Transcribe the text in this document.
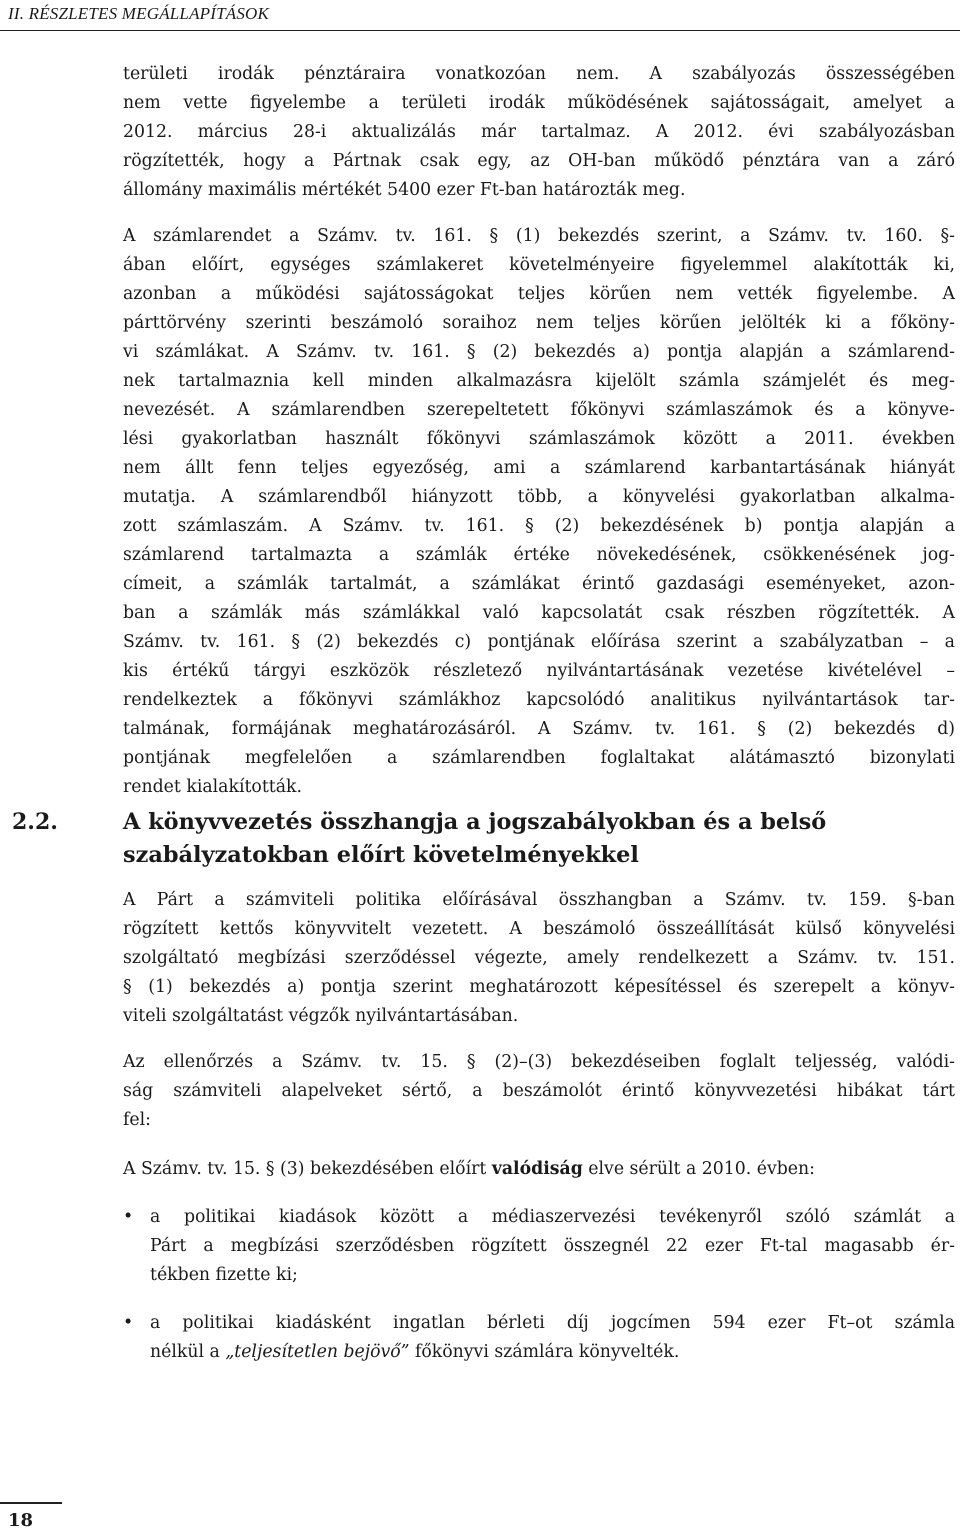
II. RÉSZLETES MEGÁLLAPÍTÁSOK
területi irodák pénztáraira vonatkozóan nem. A szabályozás összességében
nem vette figyelembe a területi irodák működésének sajátosságait, amelyet a
2012. március 28-i aktualizálás már tartalmaz. A 2012. évi szabályozásban
rögzítették, hogy a Pártnak csak egy, az OH-ban működő pénztára van a záró
állomány maximális mértékét 5400 ezer Ft-ban határozták meg.
A számlarendet a Számv. tv. 161. § (1) bekezdés szerint, a Számv. tv. 160. §-
ában előírt, egységes számlakeret követelményeire figyelemmel alakították ki,
azonban a működési sajátosságokat teljes körűen nem vették figyelembe. A
párttörvény szerinti beszámoló soraihoz nem teljes körűen jelölték ki a főköny-
vi számlákat. A Számv. tv. 161. § (2) bekezdés a) pontja alapján a számlarend-
nek tartalmaznia kell minden alkalmazásra kijelölt számla számjelét és meg-
nevezését. A számlarendben szerepeltetett főkönyvi számlaszámok és a könyve-
lési gyakorlatban használt főkönyvi számlaszámok között a 2011. években
nem állt fenn teljes egyezőség, ami a számlarend karbantartásának hiányát
mutatja. A számlarendből hiányzott több, a könyvelési gyakorlatban alkalma-
zott számlaszám. A Számv. tv. 161. § (2) bekezdésének b) pontja alapján a
számlarend tartalmazta a számlák értéke növekedésének, csökkenésének jog-
címeit, a számlák tartalmát, a számlákat érintő gazdasági eseményeket, azon-
ban a számlák más számlákkal való kapcsolatát csak részben rögzítették. A
Számv. tv. 161. § (2) bekezdés c) pontjának előírása szerint a szabályzatban – a
kis értékű tárgyi eszközök részletező nyilvántartásának vezetése kivételével –
rendelkeztek a főkönyvi számlákhoz kapcsolódó analitikus nyilvántartások tar-
talmának, formájának meghatározásáról. A Számv. tv. 161. § (2) bekezdés d)
pontjának megfelelően a számlarendben foglaltakat alátámasztó bizonylati
rendet kialakították.
2.2.	A könyvvezetés összhangja a jogszabályokban és a belső
szabályzatokban előírt követelményekkel
A Párt a számviteli politika előírásával összhangban a Számv. tv. 159. §-ban
rögzített kettős könyvvitelt vezetett. A beszámoló összeállítását külső könyvelési
szolgáltató megbízási szerződéssel végezte, amely rendelkezett a Számv. tv. 151.
§ (1) bekezdés a) pontja szerint meghatározott képesítéssel és szerepelt a könyv-
viteli szolgáltatást végzők nyilvántartásában.
Az ellenőrzés a Számv. tv. 15. § (2)–(3) bekezdéseiben foglalt teljesség, valódi-
ság számviteli alapelveket sértő, a beszámolót érintő könyvvezetési hibákat tárt
fel:
A Számv. tv. 15. § (3) bekezdésében előírt valódiság elve sérült a 2010. évben:
• a politikai kiadások között a médiaszervezési tevékenyről szóló számlát a
Párt a megbízási szerződésben rögzített összegnél 22 ezer Ft-tal magasabb ér-
tékben fizette ki;
• a politikai kiadásként ingatlan bérleti díj jogcímen 594 ezer Ft–ot számla
nélkül a „teljesítetlen bejövő” főkönyvi számlára könyvelték.
18
